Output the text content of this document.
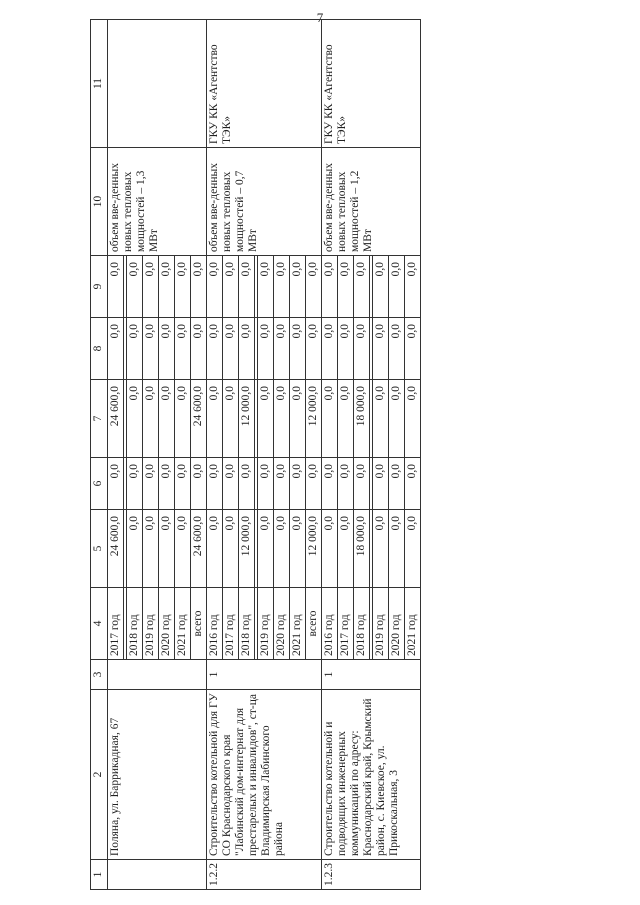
7
1	2	3	4	5	6	7	8	9	10	11
	Поляна, ул. Баррикадная, 67		2017 год	24 600,0	0,0	24 600,0	0,0	0,0	объем вве-денных новых тепловых мощностей – 1,3 МВт	

			2018 год	0,0	0,0	0,0	0,0	0,0		
			2019 год	0,0	0,0	0,0	0,0	0,0		
			2020 год	0,0	0,0	0,0	0,0	0,0		
			2021 год	0,0	0,0	0,0	0,0	0,0		
			всего	24 600,0	0,0	24 600,0	0,0	0,0		
1.2.2	Строительство котельной для ГУ СО Краснодарского края "Лабинский дом-интернат для престарелых и инвалидов", ст-ца Владимирская Лабинского района	1	2016 год	0,0	0,0	0,0	0,0	0,0	объем вве-денных новых тепловых мощностей – 0,7 МВт	ГКУ КК «Агентство ТЭК»
			2017 год	0,0	0,0	0,0	0,0	0,0		
			2018 год	12 000,0	0,0	12 000,0	0,0	0,0		

			2019 год	0,0	0,0	0,0	0,0	0,0		
			2020 год	0,0	0,0	0,0	0,0	0,0		
			2021 год	0,0	0,0	0,0	0,0	0,0		
			всего	12 000,0	0,0	12 000,0	0,0	0,0		
1.2.3	Строительство котельной и подводящих инженерных коммуникаций по адресу: Краснодарский край, Крымский район, с. Киевское, ул. Прикоскальная, 3	1	2016 год	0,0	0,0	0,0	0,0	0,0	объем вве-денных новых тепловых мощностей – 1,2 МВт	ГКУ КК «Агентство ТЭК»
			2017 год	0,0	0,0	0,0	0,0	0,0		
			2018 год	18 000,0	0,0	18 000,0	0,0	0,0		

			2019 год	0,0	0,0	0,0	0,0	0,0		
			2020 год	0,0	0,0	0,0	0,0	0,0		
			2021 год	0,0	0,0	0,0	0,0	0,0		
